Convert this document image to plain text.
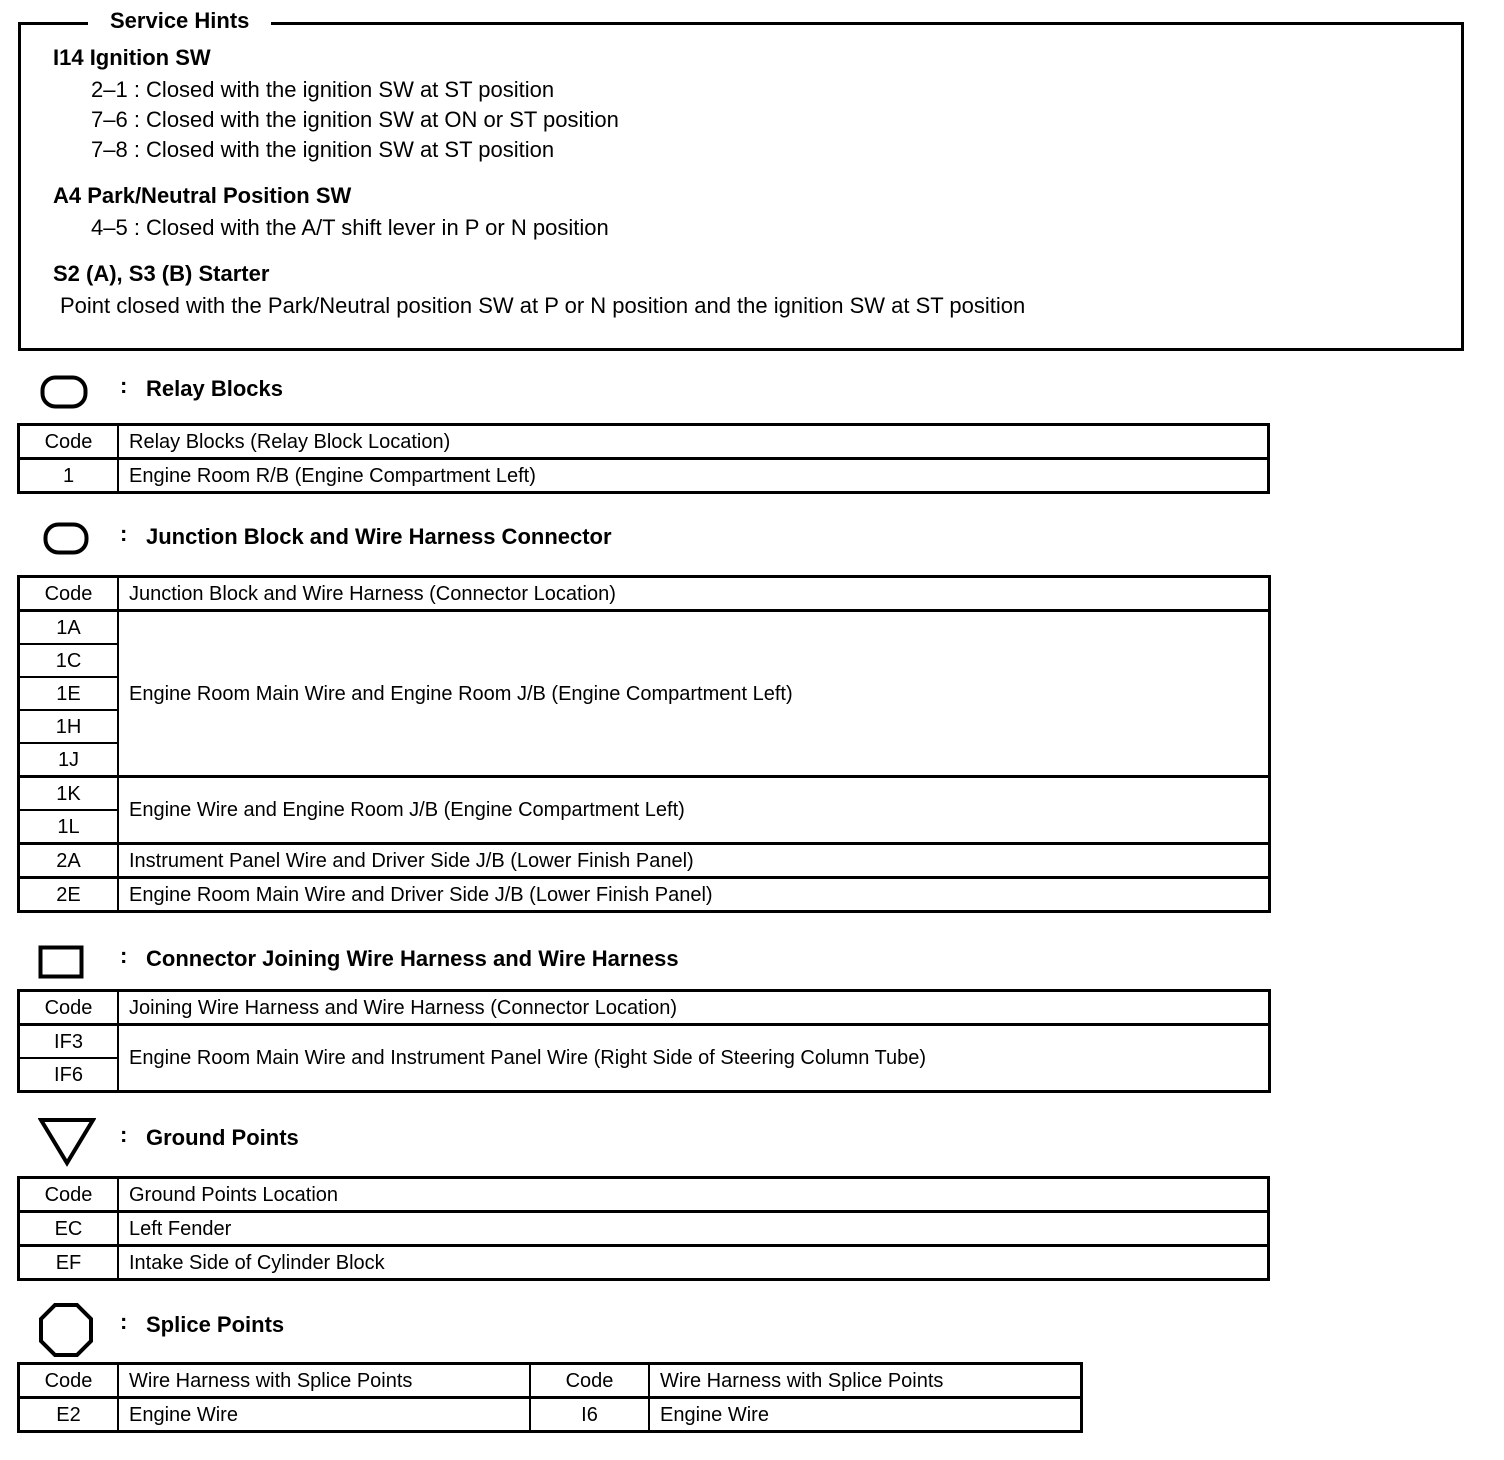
Service Hints
I14 Ignition SW
2–1 : Closed with the ignition SW at ST position
7–6 : Closed with the ignition SW at ON or ST position
7–8 : Closed with the ignition SW at ST position
A4 Park/Neutral Position SW
4–5 : Closed with the A/T shift lever in P or N position
S2 (A), S3 (B) Starter
Point closed with the Park/Neutral position SW at P or N position and the ignition SW at ST position
: Relay Blocks
Code	Relay Blocks (Relay Block Location)
1	Engine Room R/B (Engine Compartment Left)
: Junction Block and Wire Harness Connector
Code	Junction Block and Wire Harness (Connector Location)
1A	Engine Room Main Wire and Engine Room J/B (Engine Compartment Left)
1C	
1E	
1H	
1J	
1K	Engine Wire and Engine Room J/B (Engine Compartment Left)
1L	
2A	Instrument Panel Wire and Driver Side J/B (Lower Finish Panel)
2E	Engine Room Main Wire and Driver Side J/B (Lower Finish Panel)
: Connector Joining Wire Harness and Wire Harness
Code	Joining Wire Harness and Wire Harness (Connector Location)
IF3	Engine Room Main Wire and Instrument Panel Wire (Right Side of Steering Column Tube)
IF6	
: Ground Points
Code	Ground Points Location
EC	Left Fender
EF	Intake Side of Cylinder Block
: Splice Points
Code	Wire Harness with Splice Points	Code	Wire Harness with Splice Points
E2	Engine Wire	I6	Engine Wire
